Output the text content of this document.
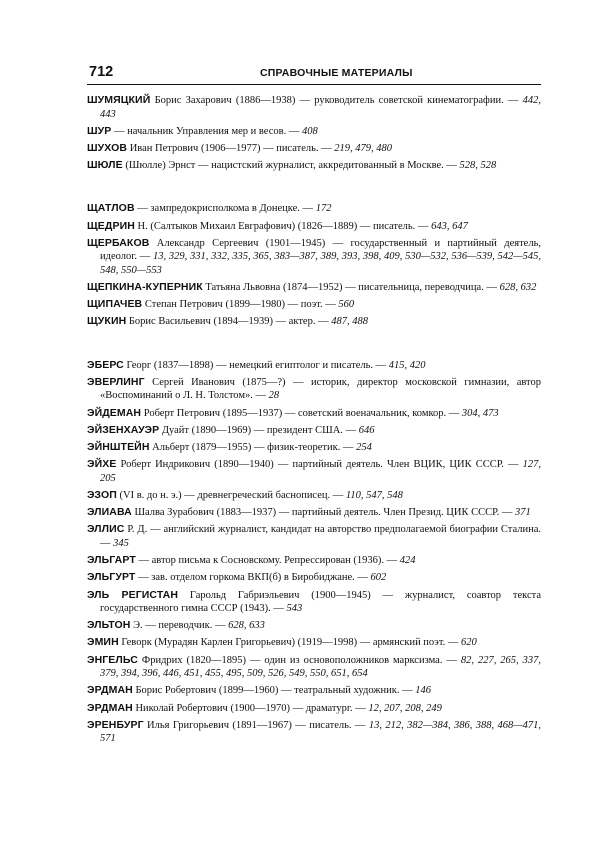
712	СПРАВОЧНЫЕ МАТЕРИАЛЫ
ШУМЯЦКИЙ Борис Захарович (1886—1938) — руководитель советской кинематографии. — 442, 443
ШУР — начальник Управления мер и весов. — 408
ШУХОВ Иван Петрович (1906—1977) — писатель. — 219, 479, 480
ШЮЛЕ (Шюлле) Эрнст — нацистский журналист, аккредитованный в Москве. — 528, 528
ЩАТЛОВ — зампредокрисполкома в Донецке. — 172
ЩЕДРИН Н. (Салтыков Михаил Евграфович) (1826—1889) — писатель. — 643, 647
ЩЕРБАКОВ Александр Сергеевич (1901—1945) — государственный и партийный деятель, идеолог. — 13, 329, 331, 332, 335, 365, 383—387, 389, 393, 398, 409, 530—532, 536—539, 542—545, 548, 550—553
ЩЕПКИНА-КУПЕРНИК Татьяна Львовна (1874—1952) — писательница, переводчица. — 628, 632
ЩИПАЧЕВ Степан Петрович (1899—1980) — поэт. — 560
ЩУКИН Борис Васильевич (1894—1939) — актер. — 487, 488
ЭБЕРС Георг (1837—1898) — немецкий египтолог и писатель. — 415, 420
ЭВЕРЛИНГ Сергей Иванович (1875—?) — историк, директор московской гимназии, автор «Воспоминаний о Л. Н. Толстом». — 28
ЭЙДЕМАН Роберт Петрович (1895—1937) — советский военачальник, комкор. — 304, 473
ЭЙЗЕНХАУЭР Дуайт (1890—1969) — президент США. — 646
ЭЙНШТЕЙН Альберт (1879—1955) — физик-теоретик. — 254
ЭЙХЕ Роберт Индрикович (1890—1940) — партийный деятель. Член ВЦИК, ЦИК СССР. — 127, 205
ЭЗОП (VI в. до н. э.) — древнегреческий баснописец. — 110, 547, 548
ЭЛИАВА Шалва Зурабович (1883—1937) — партийный деятель. Член Презид. ЦИК СССР. — 371
ЭЛЛИС Р. Д. — английский журналист, кандидат на авторство предполагаемой биографии Сталина. — 345
ЭЛЬГАРТ — автор письма к Сосновскому. Репрессирован (1936). — 424
ЭЛЬГУРТ — зав. отделом горкома ВКП(б) в Биробиджане. — 602
ЭЛЬ РЕГИСТАН Гарольд Габриэльевич (1900—1945) — журналист, соавтор текста государственного гимна СССР (1943). — 543
ЭЛЬТОН Э. — переводчик. — 628, 633
ЭМИН Геворк (Мурадян Карлен Григорьевич) (1919—1998) — армянский поэт. — 620
ЭНГЕЛЬС Фридрих (1820—1895) — один из основоположников марксизма. — 82, 227, 265, 337, 379, 394, 396, 446, 451, 455, 495, 509, 526, 549, 550, 651, 654
ЭРДМАН Борис Робертович (1899—1960) — театральный художник. — 146
ЭРДМАН Николай Робертович (1900—1970) — драматург. — 12, 207, 208, 249
ЭРЕНБУРГ Илья Григорьевич (1891—1967) — писатель. — 13, 212, 382—384, 386, 388, 468—471, 571
